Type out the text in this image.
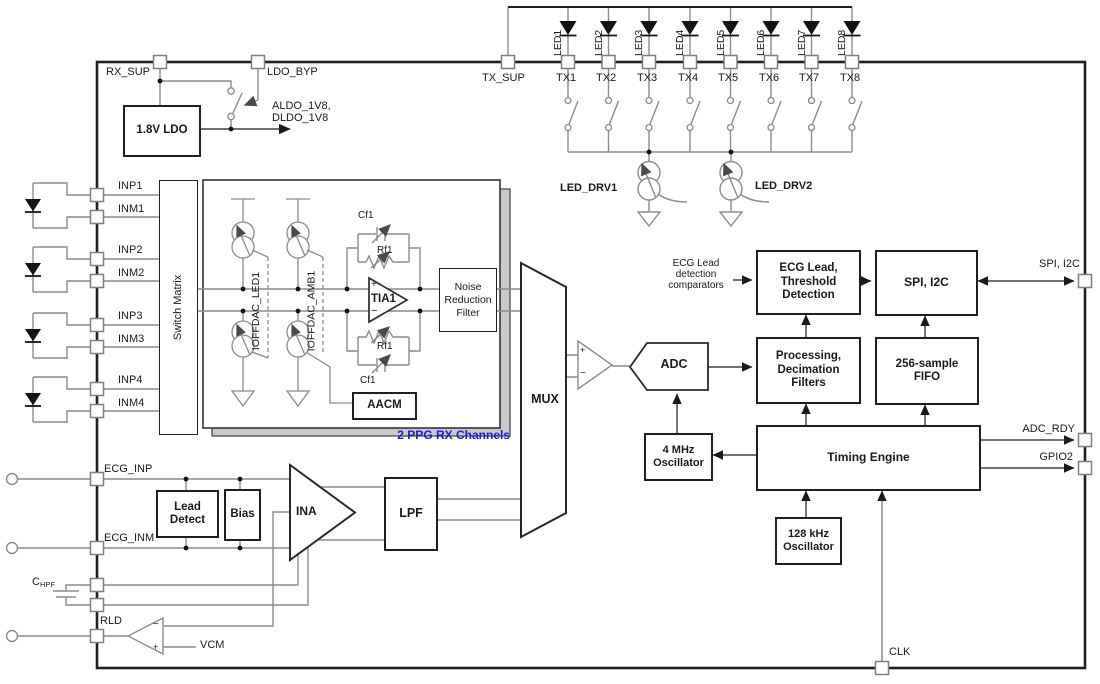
1.8V LDO
Switch Matrix	Noise
Reduction
Filter
AACM
Lead
Detect Bias	LPF
4 MHz
Oscillator
128 kHz
Oscillator
ECG Lead,
Threshold
Detection
SPI, I2C
Processing,
Decimation
Filters
256-sample
FIFO
Timing Engine
RX_SUP	LDO_BYP
ALDO_1V8,
DLDO_1V8
TX_SUP	TX1 TX2 TX3 TX4 TX5 TX6 TX7 TX8
LED1	LED2	LED3	LED4	LED5	LED6	LED7	LED8
LED_DRV1	LED_DRV2
INP1
INM1
INP2
INM2
INP3
INM3
INP4
INM4
IOFFDAC_LED1	IOFFDAC_AMB1
Cf1
Rf1
Rf1
Cf1
+
TIA1
−
2 PPG RX Channels
MUX
+
−
ADC
ECG Lead
detection
comparators
SPI, I2C
ADC_RDY
GPIO2
CLK
ECG_INP
ECG_INM
INA
$C_{HPF}$
RLD	−
+	VCM
